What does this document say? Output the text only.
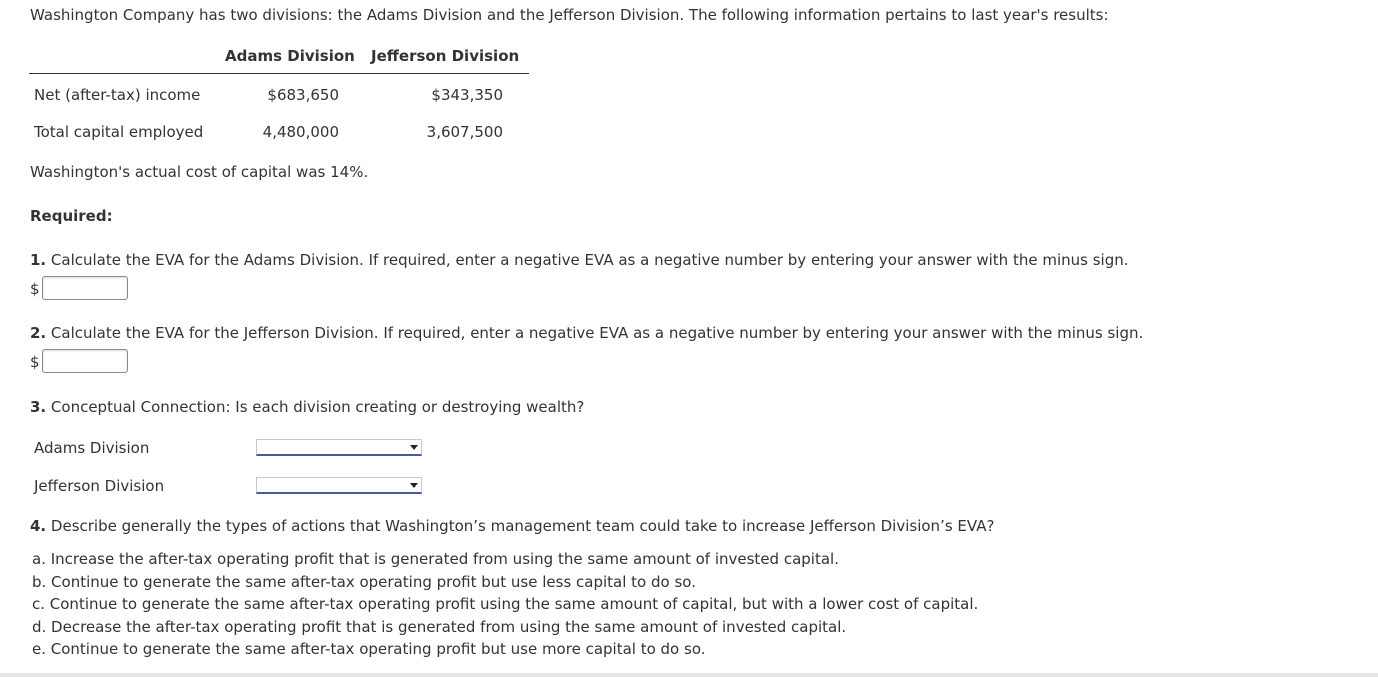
Washington Company has two divisions: the Adams Division and the Jefferson Division. The following information pertains to last year's results:
Adams Division Jefferson Division
Net (after-tax) income	$683,650	$343,350
Total capital employed	4,480,000	3,607,500
Washington's actual cost of capital was 14%.
Required:
1. Calculate the EVA for the Adams Division. If required, enter a negative EVA as a negative number by entering your answer with the minus sign.
$
2. Calculate the EVA for the Jefferson Division. If required, enter a negative EVA as a negative number by entering your answer with the minus sign.
$
3. Conceptual Connection: Is each division creating or destroying wealth?
Adams Division
Jefferson Division
4. Describe generally the types of actions that Washington’s management team could take to increase Jefferson Division’s EVA?
a. Increase the after-tax operating profit that is generated from using the same amount of invested capital.
b. Continue to generate the same after-tax operating profit but use less capital to do so.
c. Continue to generate the same after-tax operating profit using the same amount of capital, but with a lower cost of capital.
d. Decrease the after-tax operating profit that is generated from using the same amount of invested capital.
e. Continue to generate the same after-tax operating profit but use more capital to do so.
